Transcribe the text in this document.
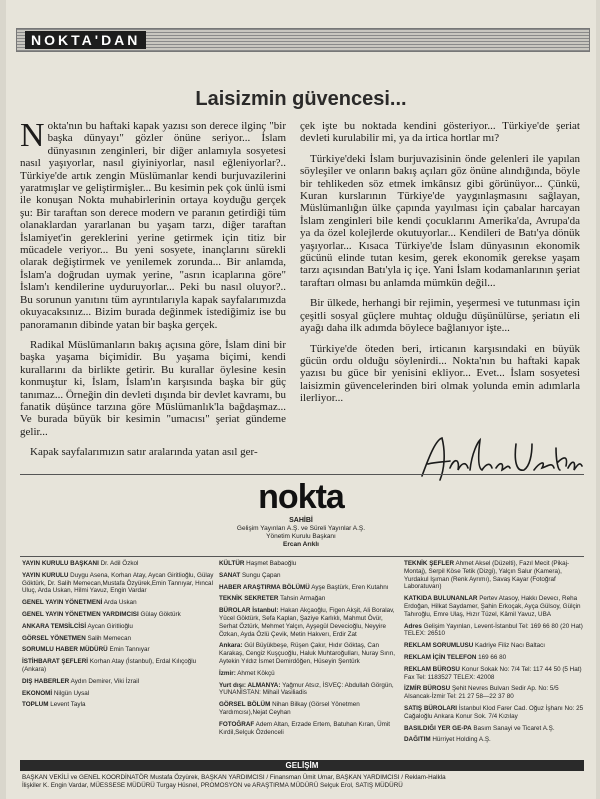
NOKTA'DAN
Laisizmin güvencesi...

Nokta'nın bu haftaki kapak yazısı son derece ilginç "bir başka dünyayı" gözler önüne seriyor... İslam dünyasının zenginleri, bir diğer anlamıyla sosyetesi nasıl yaşıyorlar, nasıl giyiniyorlar, nasıl eğleniyorlar?.. Türkiye'de artık zengin Müslümanlar kendi burjuvazilerini yaratmışlar ve geliştirmişler... Bu kesimin pek çok ünlü ismi ile konuşan Nokta muhabirlerinin ortaya koyduğu gerçek şu: Bir taraftan son derece modern ve paranın getirdiği tüm olanaklardan yararlanan bu yaşam tarzı, diğer taraftan İslamiyet'in gereklerini yerine getirmek için titiz bir mücadele veriyor... Bu yeni sosyete, inançlarını sürekli olarak değiştirmek ve yenilemek zorunda... Bir anlamda, İslam'a doğrudan uymak yerine, "asrın icaplarına göre" İslam'ı kendilerine uyduruyorlar... Peki bu nasıl oluyor?.. Bu sorunun yanıtını tüm ayrıntılarıyla kapak sayfalarımızda okuyacaksınız... Bizim burada değinmek istediğimiz ise bu panoramanın dibinde yatan bir başka gerçek.

Radikal Müslümanların bakış açısına göre, İslam dini bir başka yaşama biçimidir. Bu yaşama biçimi, kendi kurallarını da birlikte getirir. Bu kurallar öylesine kesin konmuştur ki, İslam, İslam'ın karşısında başka bir güç tanımaz... Örneğin din devleti dışında bir devlet kavramı, bu fanatik düşünce tarzına göre Müslümanlık'la bağdaşmaz... Ve burada büyük bir kesimin "umacısı" şeriat gündeme gelir...

Kapak sayfalarımızın satır aralarında yatan asıl ger-

çek işte bu noktada kendini gösteriyor... Türkiye'de şeriat devleti kurulabilir mi, ya da irtica hortlar mı?

Türkiye'deki İslam burjuvazisinin önde gelenleri ile yapılan söyleşiler ve onların bakış açıları göz önüne alındığında, böyle bir tehlikeden söz etmek imkânsız gibi görünüyor... Çünkü, Kuran kurslarının Türkiye'de yaygınlaşmasını sağlayan, Müslümanlığın ülke çapında yayılması için çabalar harcayan İslam zenginleri bile kendi çocuklarını Amerika'da, Avrupa'da ya da özel kolejlerde okutuyorlar... Kendileri de Batı'ya dönük yaşıyorlar... Kısaca Türkiye'de İslam dünyasının ekonomik gücünü elinde tutan kesim, gerek ekonomik gerekse yaşam tarzı açısından Batı'yla iç içe. Yani İslam kodamanlarının şeriat taraftarı olması bu anlamda mümkün değil...

Bir ülkede, herhangi bir rejimin, yeşermesi ve tutunması için çeşitli sosyal güçlere muhtaç olduğu düşünülürse, şeriatın eli ayağı daha ilk adımda böylece bağlanıyor işte...

Türkiye'de öteden beri, irticanın karşısındaki en büyük gücün ordu olduğu söylenirdi... Nokta'nın bu haftaki kapak yazısı bu güce bir yenisini ekliyor... Evet... İslam sosyetesi laisizmin güvencelerinden biri olmak yolunda emin adımlarla ilerliyor...

nokta
SAHİBİ
Gelişim Yayınları A.Ş. ve Süreli Yayınlar A.Ş.
Yönetim Kurulu Başkanı
Ercan Arıklı
YAYIN KURULU BAŞKANI Dr. Adil Özkol
YAYIN KURULU Duygu Asena, Korhan Atay, Aycan Giritlioğlu, Gülay Göktürk, Dr. Salih Memecan,Mustafa Özyürek,Emin Tannıyar, Hıncal Uluç, Arda Uskan, Hilmi Yavuz, Engin Vardar
GENEL YAYIN YÖNETMENİ Arda Uskan
GENEL YAYIN YÖNETMEN YARDIMCISI Gülay Göktürk
ANKARA TEMSİLCİSİ Aycan Giritlioğlu
GÖRSEL YÖNETMEN Salih Memecan
SORUMLU HABER MÜDÜRÜ Emin Tannıyar
İSTİHBARAT ŞEFLERİ Korhan Atay (İstanbul), Erdal Kılıçoğlu (Ankara)
DIŞ HABERLER Aydın Demirer, Viki İzrail
EKONOMİ Nilgün Uysal
TOPLUM Levent Tayla
KÜLTÜR Haşmet Babaoğlu
SANAT Sungu Çapan
HABER ARAŞTIRMA BÖLÜMÜ Ayşe Baştürk, Eren Kutahnı
TEKNİK SEKRETER Tahsin Armağan
BÜROLAR İstanbul: Hakan Akçaoğlu, Figen Akşit, Ali Boralav, Yücel Göktürk, Sefa Kaplan, Şaziye Karlıklı, Mahmut Övür, Serhat Öztürk, Mehmet Yalçın, Ayşegül Devecioğlu, Neyyire Özkan, Ayda Özlü Çevik, Metin Hakverı, Erdir Zat
Ankara: Gül Büyükbeşe, Rüşen Çakır, Hıdır Göktaş, Can Karakaş, Cengiz Kuşçuoğlu, Haluk Muhtaroğulları, Nuray Sırın, Aytekin Yıldız İsmet Demirdöğen, Hüseyin Şentürk
İzmir: Ahmet Kökçü
Yurt dışı: ALMANYA: Yağmur Atsız, İSVEÇ: Abdullah Görgün, YUNANİSTAN: Mihail Vasiliadis
GÖRSEL BÖLÜM Nihan Bilkay (Görsel Yönetmen Yardımcısı),Nejat Ceyhan
FOTOĞRAF Adem Altan, Erzade Ertem, Batuhan Kıran, Ümit Kırdil,Selçuk Özdenceli
TEKNİK ŞEFLER Ahmet Aksel (Düzelti), Fazıl Mecit (Pikaj-Montaj), Serpil Köse Tetik (Dizgi), Yalçın Salur (Kamera), Yurdakul Işıman (Renk Ayrımı), Savaş Kayar (Fotoğraf Laboratuvarı)
KATKIDA BULUNANLAR Pertev Atasoy, Hakkı Devecı, Reha Erdoğan, Hilkat Saydamer, Şahin Erkoçak, Ayça Gülsoy, Gülçin Tahıroğlu, Emre Ulaş, Hızır Tüzel, Kâmil Yavuz, UBA
Adres Gelişim Yayınları, Levent-İstanbul Tel: 169 66 80 (20 Hat) TELEX: 26510
REKLAM SORUMLUSU Kadriye Filiz Nacı Baltacı
REKLAM İÇİN TELEFON 169 66 80
REKLAM BÜROSU Konur Sokak No: 7/4 Tel: 117 44 50 (5 Hat) Fax Tel: 1183527 TELEX: 42008
İZMİR BÜROSU Şehit Nevres Bulvarı Sedir Ap. No: 5/5 Alsancak-İzmir Tel: 21 27 58—22 37 80
SATIŞ BÜROLARI İstanbul Klod Farer Cad. Oğuz İşhanı No: 25 Cağaloğlu Ankara Konur Sok. 7/4 Kızılay
BASILDIĞI YER GE-PA Basım Sanayi ve Ticaret A.Ş.
DAĞITIM Hürriyet Holding A.Ş.
GELİŞİM
BAŞKAN VEKİLİ ve GENEL KOORDİNATÖR Mustafa Özyürek, BAŞKAN YARDIMCISI / Finansman Ümit Umar, BAŞKAN YARDIMCISI / Reklam-Halkla
İlişkiler K. Engin Vardar, MÜESSESE MÜDÜRÜ Turgay Hüsnel, PROMOSYON ve ARAŞTIRMA MÜDÜRÜ Selçuk Erol, SATIŞ MÜDÜRÜ
